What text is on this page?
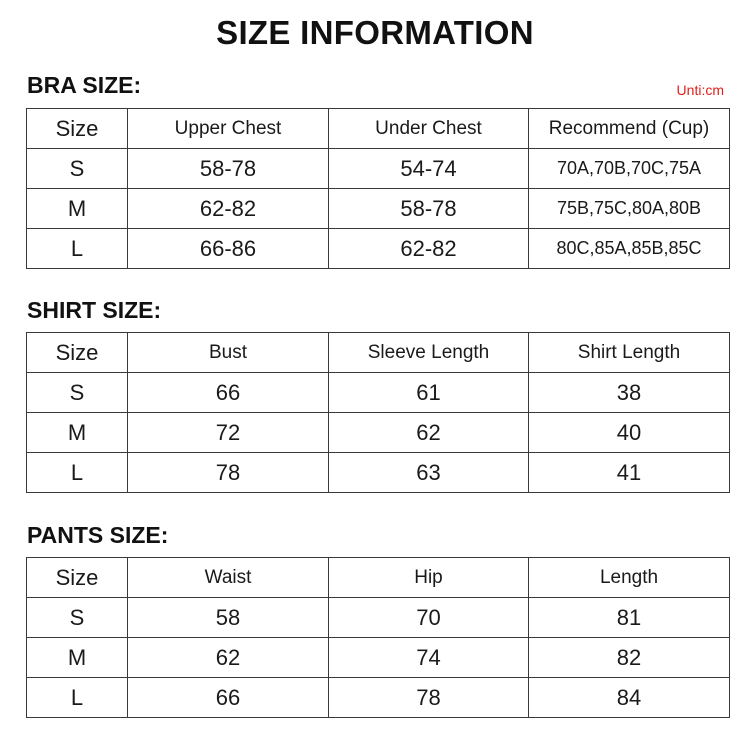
SIZE INFORMATION
BRA SIZE:	Unti:cm
Size	Upper Chest	Under Chest	Recommend (Cup)
S	58-78	54-74	70A,70B,70C,75A
M	62-82	58-78	75B,75C,80A,80B
L	66-86	62-82	80C,85A,85B,85C
SHIRT SIZE:
Size	Bust	Sleeve Length	Shirt Length
S	66	61	38
M	72	62	40
L	78	63	41
PANTS SIZE:
Size	Waist	Hip	Length
S	58	70	81
M	62	74	82
L	66	78	84
